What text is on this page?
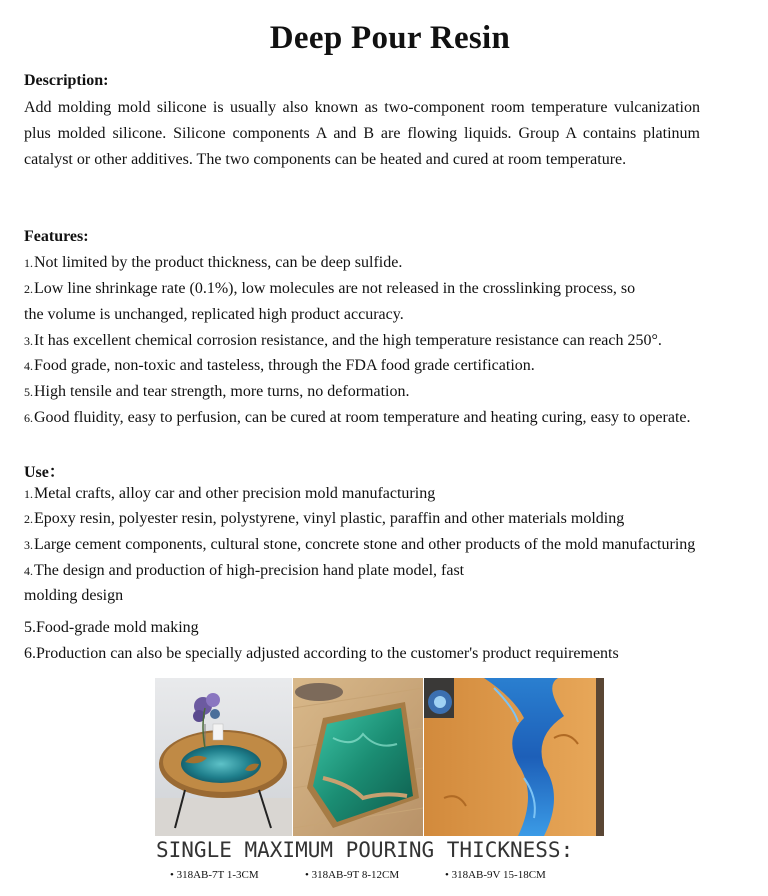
Deep Pour Resin
Description:
Add molding mold silicone is usually also known as two-component room temperature vulcanization plus molded silicone. Silicone components A and B are flowing liquids. Group A contains platinum catalyst or other additives. The two components can be heated and cured at room temperature.
Features:
1.Not limited by the product thickness, can be deep sulfide.
2.Low line shrinkage rate (0.1%), low molecules are not released in the crosslinking process, so
the volume is unchanged, replicated high product accuracy.
3.It has excellent chemical corrosion resistance, and the high temperature resistance can reach 250°.
4.Food grade, non-toxic and tasteless, through the FDA food grade certification.
5.High tensile and tear strength, more turns, no deformation.
6.Good fluidity, easy to perfusion, can be cured at room temperature and heating curing, easy to operate.
Use：
1.Metal crafts, alloy car and other precision mold manufacturing
2.Epoxy resin, polyester resin, polystyrene, vinyl plastic, paraffin and other materials molding
3.Large cement components, cultural stone, concrete stone and other products of the mold manufacturing
4.The design and production of high-precision hand plate model, fast
molding design
5.Food-grade mold making
6.Production can also be specially adjusted according to the customer's product requirements
SINGLE MAXIMUM POURING THICKNESS:
• 318AB-7T 1-3CM	• 318AB-9T 8-12CM	• 318AB-9V 15-18CM
